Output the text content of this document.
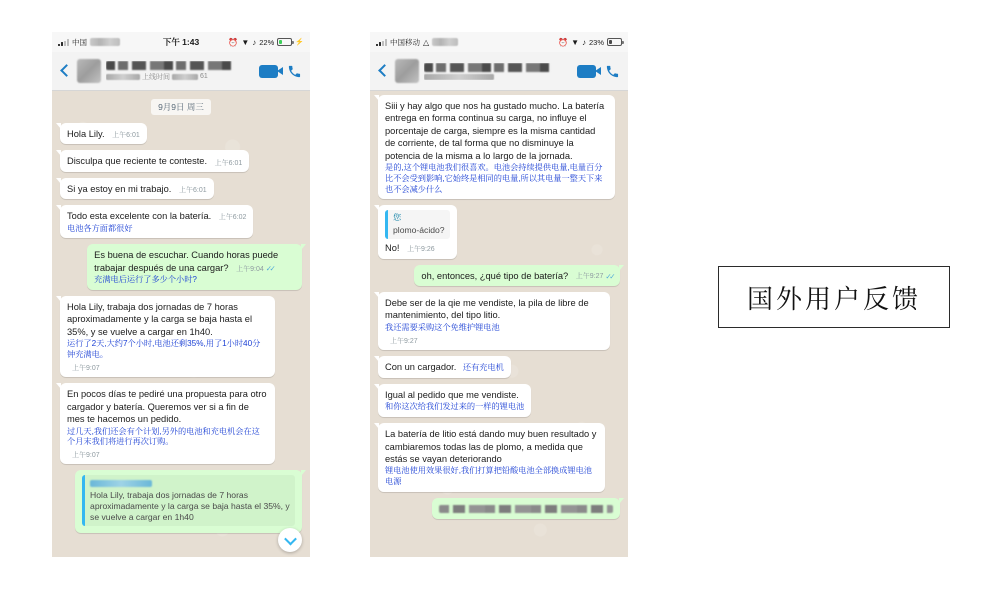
中国	下午 1:43	⏰ ▼ ♪ 22%	⚡
上线时间	61
9月9日 周三
Hola Lily. 上午6:01
Disculpa que reciente te conteste. 上午6:01
Si ya estoy en mi trabajo. 上午6:01
Todo esta excelente con la batería. 上午6:02
电池各方面都很好
Es buena de escuchar. Cuando horas puede trabajar después de una cargar? 上午9:04 ✓✓
充满电后运行了多少个小时?
Hola Lily, trabaja dos jornadas de 7 horas aproximadamente y la carga se baja hasta el 35%, y se vuelve a cargar en 1h40.
运行了2天,大约7个小时,电池还剩35%,用了1小时40分钟充满电。
上午9:07
En pocos días te pediré una propuesta para otro cargador y batería. Queremos ver si a fin de mes te hacemos un pedido.
过几天,我们还会有个计划,另外的电池和充电机会在这个月末我们将进行再次订购。
上午9:07
Hola Lily, trabaja dos jornadas de 7 horas aproximadamente y la carga se baja hasta el 35%, y se vuelve a cargar en 1h40
中国移动 △	⏰ ▼ ♪ 23%
Siii y hay algo que nos ha gustado mucho. La batería entrega en forma continua su carga, no influye el porcentaje de carga, siempre es la misma cantidad de corriente, de tal forma que no disminuye la potencia de la misma a lo largo de la jornada.
是的,这个锂电池我们很喜欢。电池会持续提供电量,电量百分比不会受到影响,它始终是相同的电量,所以其电量一整天下来也不会减少什么
您
plomo-ácido?
No! 上午9:26
oh, entonces, ¿qué tipo de batería? 上午9:27 ✓✓
Debe ser de la qie me vendiste, la pila de libre de mantenimiento, del tipo litio.
我还需要采购这个免维护锂电池
上午9:27
Con un cargador. 还有充电机
Igual al pedido que me vendiste.
和你这次给我们发过来的一样的锂电池
La batería de litio está dando muy buen resultado y cambiaremos todas las de plomo, a medida que estás se vayan deteriorando
锂电池使用效果很好,我们打算把铅酸电池全部换成锂电池电源
国外用户反馈
